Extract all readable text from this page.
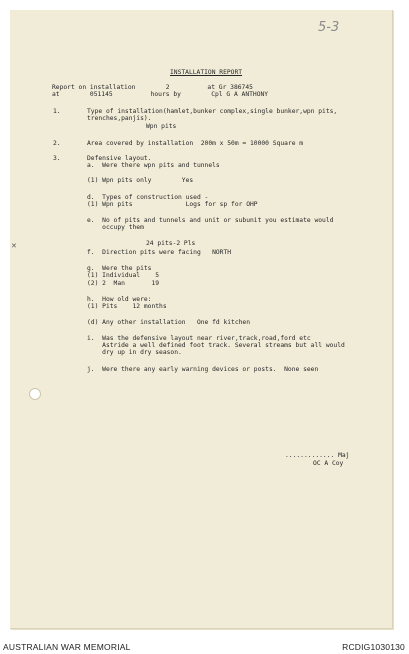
5-3
✕
INSTALLATION REPORT
Report on installation        2          at Gr 386745
at        051145          hours by        Cpl G A ANTHONY
1.	Type of installation(hamlet,bunker complex,single bunker,wpn pits,
trenches,panjis).
Wpn pits
2.	Area covered by installation  200m x 50m = 10000 Square m
3.	Defensive layout.
a.  Were there wpn pits and tunnels
(1) Wpn pits only        Yes
d.  Types of construction used -
(1) Wpn pits              Logs for sp for OHP
e.  No of pits and tunnels and unit or subunit you estimate would
occupy them
24 pits-2 Pls
f.  Direction pits were facing   NORTH
g.  Were the pits
(1) Individual    5
(2) 2  Man       19
h.  How old were:
(1) Pits    12 months
(d) Any other installation   One fd kitchen
i.  Was the defensive layout near river,track,road,ford etc
Astride a well defined foot track. Several streams but all would
dry up in dry season.
j.  Were there any early warning devices or posts.  None seen
............. Maj
OC A Coy
AUSTRALIAN WAR MEMORIAL	RCDIG1030130
